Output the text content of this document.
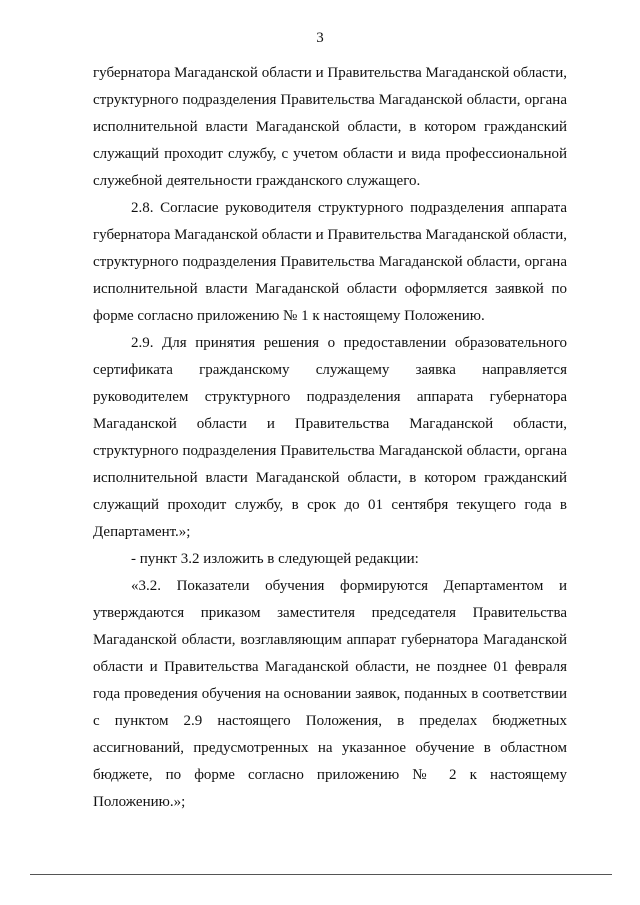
3

губернатора Магаданской области и Правительства Магаданской области, структурного подразделения Правительства Магаданской области, органа исполнительной власти Магаданской области, в котором гражданский служащий проходит службу, с учетом области и вида профессиональной служебной деятельности гражданского служащего.

2.8. Согласие руководителя структурного подразделения аппарата губернатора Магаданской области и Правительства Магаданской области, структурного подразделения Правительства Магаданской области, органа исполнительной власти Магаданской области оформляется заявкой по форме согласно приложению № 1 к настоящему Положению.

2.9. Для принятия решения о предоставлении образовательного сертификата гражданскому служащему заявка направляется руководителем структурного подразделения аппарата губернатора Магаданской области и Правительства Магаданской области, структурного подразделения Правительства Магаданской области, органа исполнительной власти Магаданской области, в котором гражданский служащий проходит службу, в срок до 01 сентября текущего года в Департамент.»;

- пункт 3.2 изложить в следующей редакции:

«3.2. Показатели обучения формируются Департаментом и утверждаются приказом заместителя председателя Правительства Магаданской области, возглавляющим аппарат губернатора Магаданской области и Правительства Магаданской области, не позднее 01 февраля года проведения обучения на основании заявок, поданных в соответствии с пунктом 2.9 настоящего Положения, в пределах бюджетных ассигнований, предусмотренных на указанное обучение в областном бюджете, по форме согласно приложению № 2 к настоящему Положению.»;
